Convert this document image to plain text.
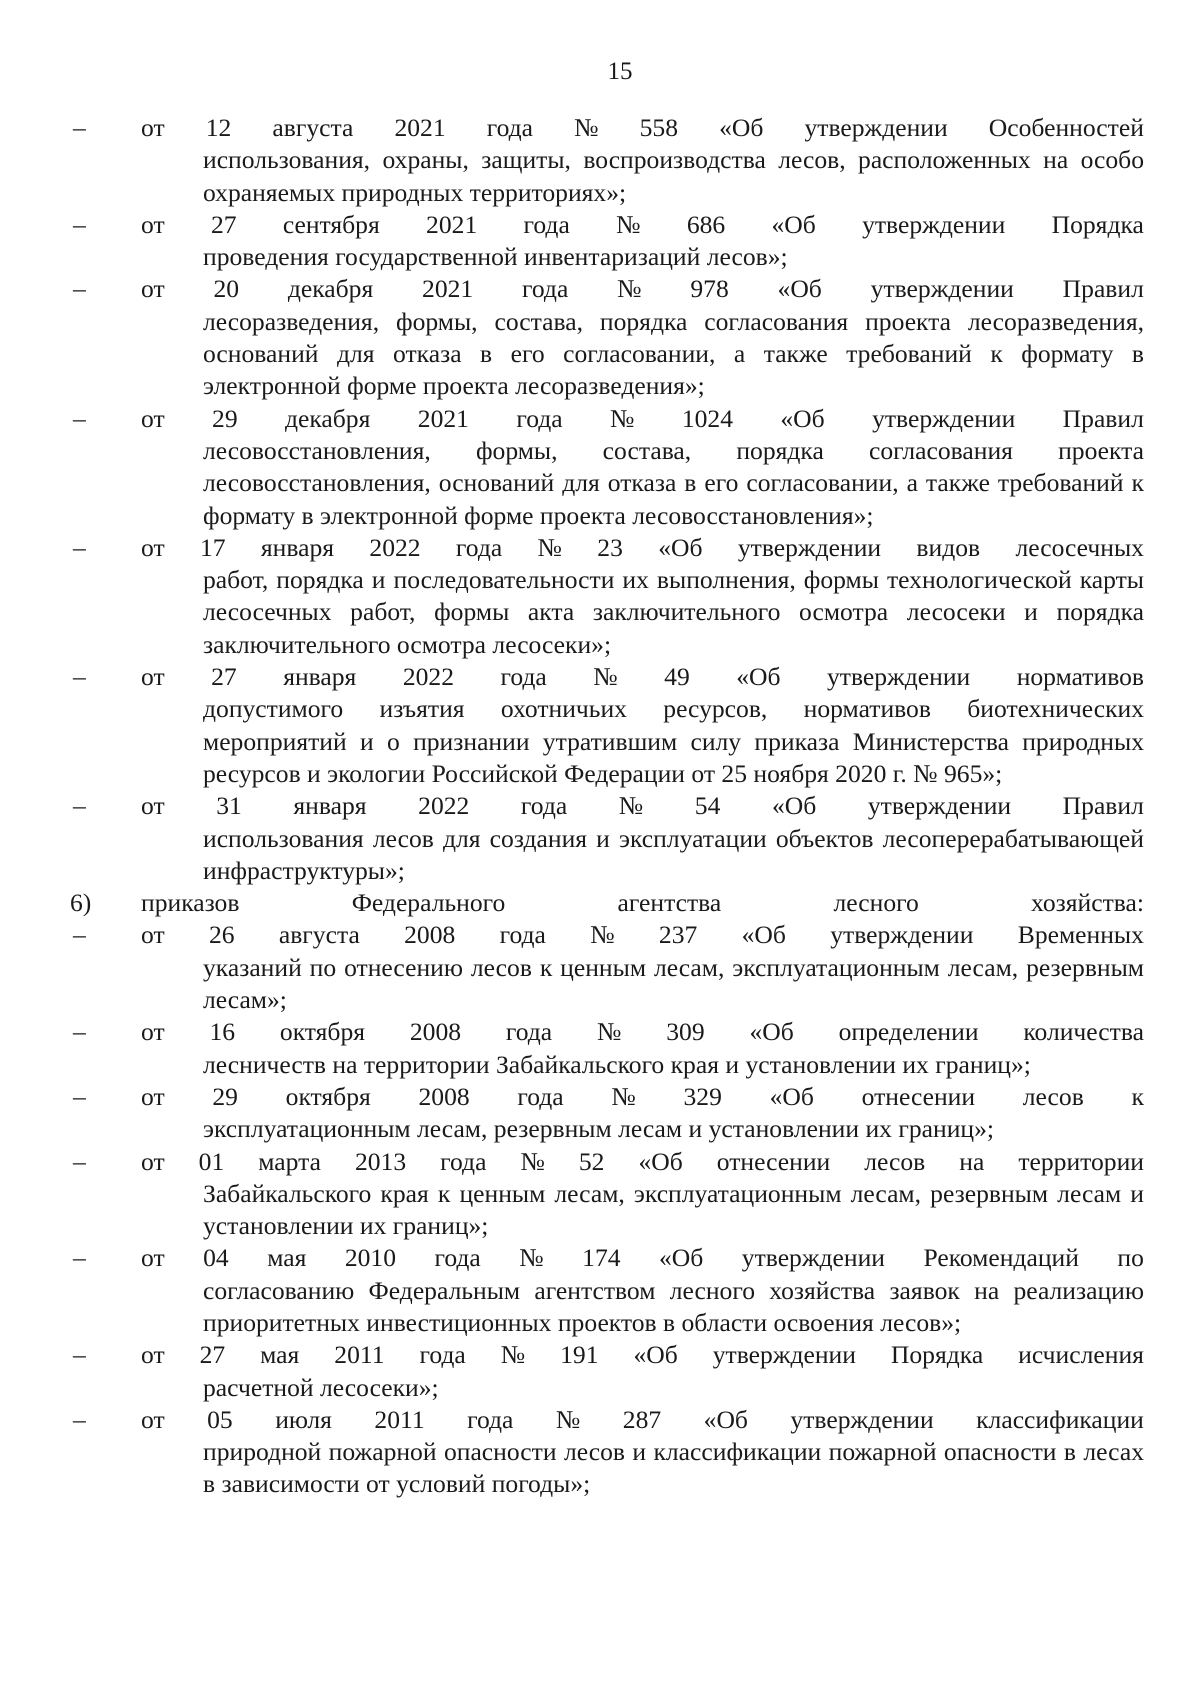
15
–	от 12 августа 2021 года № 558 «Об утверждении Особенностей
использования, охраны, защиты, воспроизводства лесов, расположенных на особо охраняемых природных территориях»;
–	от 27 сентября 2021 года № 686 «Об утверждении Порядка
проведения государственной инвентаризаций лесов»;
–	от 20 декабря 2021 года № 978 «Об утверждении Правил
лесоразведения, формы, состава, порядка согласования проекта лесоразведения, оснований для отказа в его согласовании, а также требований к формату в электронной форме проекта лесоразведения»;
–	от 29 декабря 2021 года № 1024 «Об утверждении Правил
лесовосстановления, формы, состава, порядка согласования проекта лесовосстановления, оснований для отказа в его согласовании, а также требований к формату в электронной форме проекта лесовосстановления»;
–	от 17 января 2022 года № 23 «Об утверждении видов лесосечных
работ, порядка и последовательности их выполнения, формы технологической карты лесосечных работ, формы акта заключительного осмотра лесосеки и порядка заключительного осмотра лесосеки»;
–	от 27 января 2022 года № 49 «Об утверждении нормативов
допустимого изъятия охотничьих ресурсов, нормативов биотехнических мероприятий и о признании утратившим силу приказа Министерства природных ресурсов и экологии Российской Федерации от 25 ноября 2020 г. № 965»;
–	от 31 января 2022 года № 54 «Об утверждении Правил
использования лесов для создания и эксплуатации объектов лесоперерабатывающей инфраструктуры»;
6)	приказов	Федерального	агентства	лесного	хозяйства:
–	от 26 августа 2008 года № 237 «Об утверждении Временных
указаний по отнесению лесов к ценным лесам, эксплуатационным лесам, резервным лесам»;
–	от 16 октября 2008 года № 309 «Об определении количества
лесничеств на территории Забайкальского края и установлении их границ»;
–	от 29 октября 2008 года № 329 «Об отнесении лесов к
эксплуатационным лесам, резервным лесам и установлении их границ»;
–	от 01 марта 2013 года № 52 «Об отнесении лесов на территории
Забайкальского края к ценным лесам, эксплуатационным лесам, резервным лесам и установлении их границ»;
–	от 04 мая 2010 года № 174 «Об утверждении Рекомендаций по
согласованию Федеральным агентством лесного хозяйства заявок на реализацию приоритетных инвестиционных проектов в области освоения лесов»;
–	от 27 мая 2011 года № 191 «Об утверждении Порядка исчисления
расчетной лесосеки»;
–	от 05 июля 2011 года № 287 «Об утверждении классификации
природной пожарной опасности лесов и классификации пожарной опасности в лесах в зависимости от условий погоды»;
